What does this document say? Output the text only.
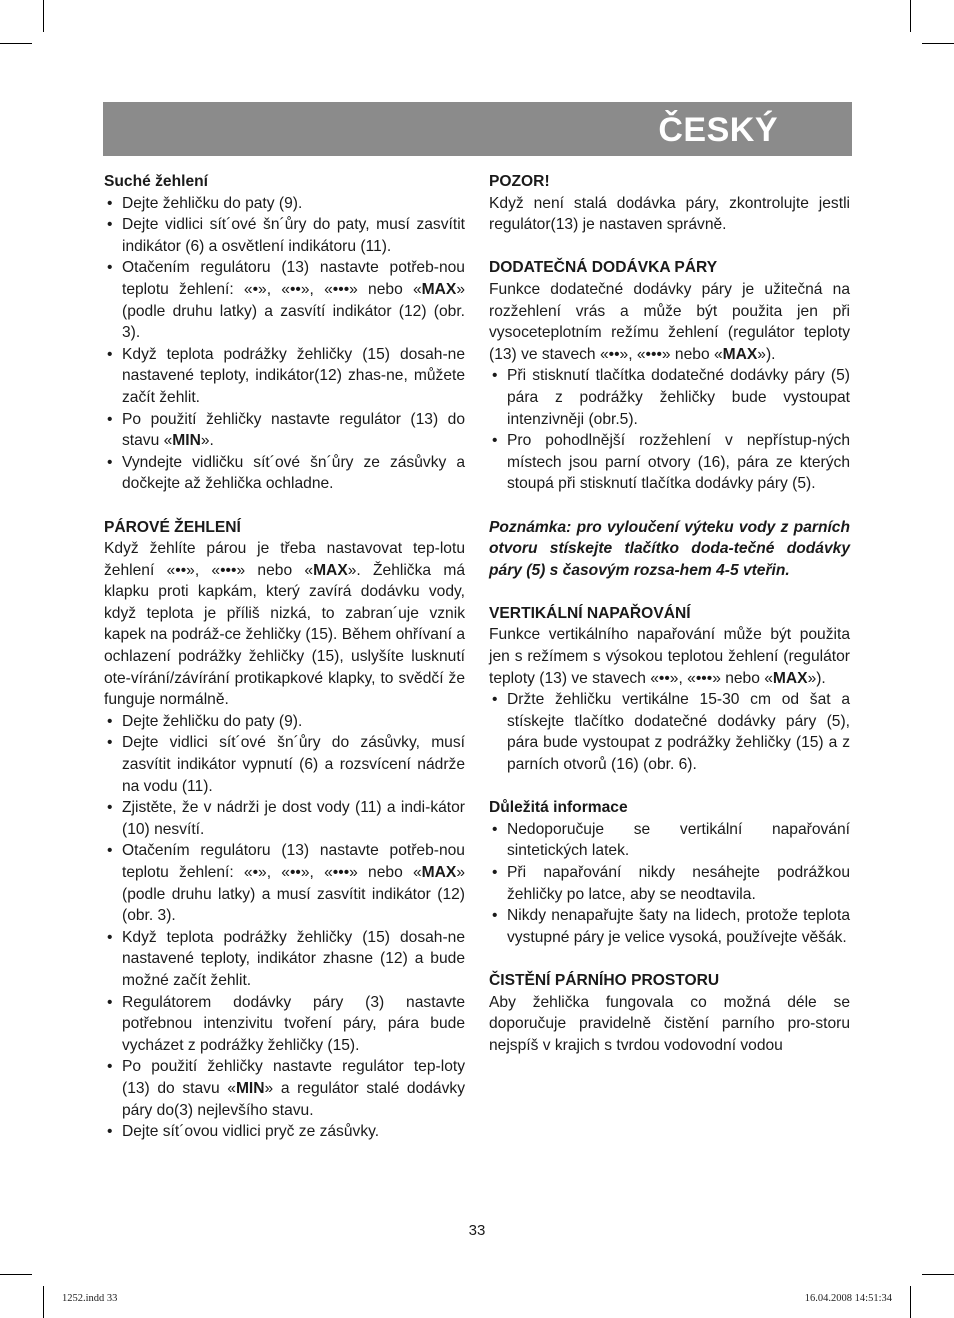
ČESKÝ
Suché žehlení
• Dejte žehličku do paty (9).
• Dejte vidlici sít´ové šn´ůry do paty, musí zasvítit indikátor (6) a osvětlení indikátoru (11).
• Otačením regulátoru (13) nastavte potřeb-nou teplotu žehlení: «•», «••», «•••» nebo «MAX» (podle druhu latky) a zasvítí indikátor (12) (obr. 3).
• Když teplota podrážky žehličky (15) dosah-ne nastavené teploty, indikátor(12) zhas-ne, můžete začít žehlit.
• Po použití žehličky nastavte regulátor (13) do stavu «MIN».
• Vyndejte vidličku sít´ové šn´ůry ze zásůvky a dočkejte až žehlička ochladne.
PÁROVÉ ŽEHLENÍ

Když žehlíte párou je třeba nastavovat tep-lotu žehlení «••», «•••» nebo «MAX». Žehlička má klapku proti kapkám, který zavírá dodávku vody, když teplota je příliš nizká, to zabran´uje vznik kapek na podráž-ce žehličky (15). Během ohřívaní a ochlazení podrážky žehličky (15), uslyšíte lusknutí ote-vírání/závírání protikapkové klapky, to svědčí že funguje normálně.

• Dejte žehličku do paty (9).
• Dejte vidlici sít´ové šn´ůry do zásůvky, musí zasvítit indikátor vypnutí (6) a rozsvícení nádrže na vodu (11).
• Zjistěte, že v nádrži je dost vody (11) a indi-kátor (10) nesvítí.
• Otačením regulátoru (13) nastavte potřeb-nou teplotu žehlení: «•», «••», «•••» nebo «MAX» (podle druhu latky) a musí zasvítit indikátor (12) (obr. 3).
• Když teplota podrážky žehličky (15) dosah-ne nastavené teploty, indikátor zhasne (12) a bude možné začít žehlit.
• Regulátorem dodávky páry (3) nastavte potřebnou intenzivitu tvoření páry, pára bude vycházet z podrážky žehličky (15).
• Po použití žehličky nastavte regulátor tep-loty (13) do stavu «MIN» a regulátor stalé dodávky páry do(3) nejlevšího stavu.
• Dejte sít´ovou vidlici pryč ze zásůvky.
POZOR!

Když není stalá dodávka páry, zkontrolujte jestli regulátor(13) je nastaven správně.

DODATEČNÁ DODÁVKA PÁRY

Funkce dodatečné dodávky páry je užitečná na rozžehlení vrás a může být použita jen při vysoceteplotním režímu žehlení (regulátor teploty (13) ve stavech «••», «•••» nebo «MAX»).

• Při stisknutí tlačítka dodatečné dodávky páry (5) pára z podrážky žehličky bude vystoupat intenzivněji (obr.5).
• Pro pohodlnější rozžehlení v nepřístup-ných místech jsou parní otvory (16), pára ze kterých stoupá při stisknutí tlačítka dodávky páry (5).

Poznámka: pro vyloučení výteku vody z parních otvoru stískejte tlačítko doda-tečné dodávky páry (5) s časovým rozsa-hem 4-5 vteřin.

VERTIKÁLNÍ NAPAŘOVÁNÍ

Funkce vertikálního napařování může být použita jen s režímem s výsokou teplotou žehlení (regulátor teploty (13) ve stavech «••», «•••» nebo «MAX»).

• Držte žehličku vertikálne 15-30 cm od šat a stískejte tlačítko dodatečné dodávky páry (5), pára bude vystoupat z podrážky žehličky (15) a z parních otvorů (16) (obr. 6).
Důležitá informace
• Nedoporučuje se vertikální napařování sintetických latek.
• Při napařování nikdy nesáhejte podrážkou žehličky po latce, aby se neodtavila.
• Nikdy nenapařujte šaty na lidech, protože teplota vystupné páry je velice vysoká, používejte věšák.
ČISTĚNÍ PÁRNÍHO PROSTORU

Aby žehlička fungovala co možná déle se doporučuje pravidelně čistění parního pro-storu nejspíš v krajich s tvrdou vodovodní vodou

33
1252.indd 33	16.04.2008 14:51:34
